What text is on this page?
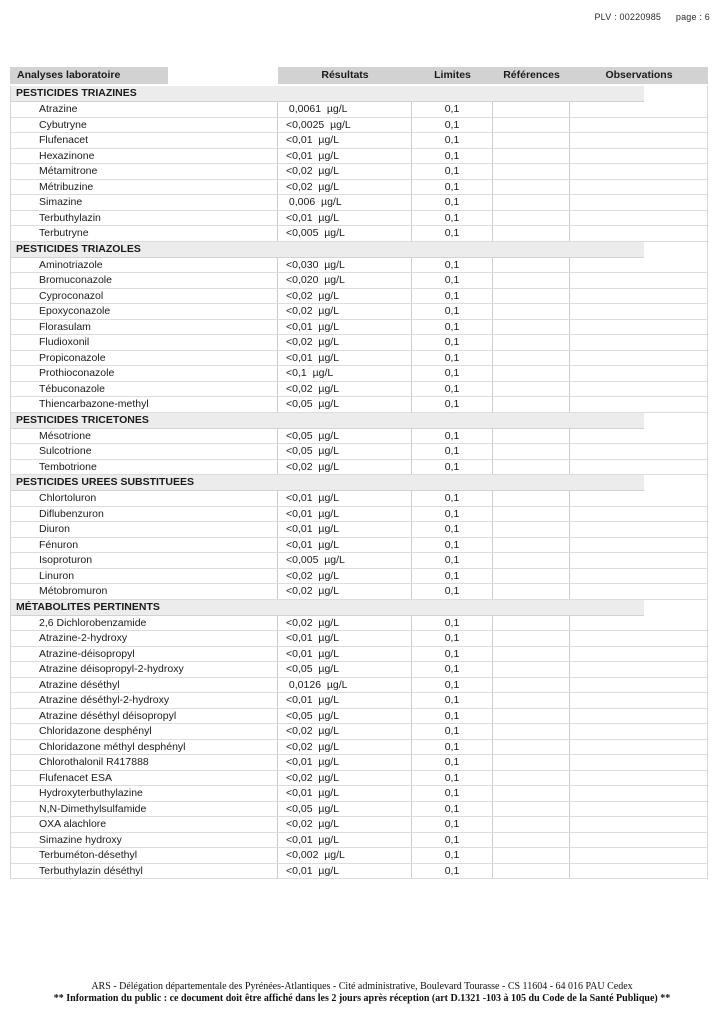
PLV : 00220985 page : 6
Analyses laboratoire	Résultats	Limites	Références	Observations
PESTICIDES TRIAZINES
Atrazine	0,0061  µg/L	0,1
Cybutryne	<0,0025  µg/L	0,1
Flufenacet	<0,01  µg/L	0,1
Hexazinone	<0,01  µg/L	0,1
Métamitrone	<0,02  µg/L	0,1
Métribuzine	<0,02  µg/L	0,1
Simazine	0,006  µg/L	0,1
Terbuthylazin	<0,01  µg/L	0,1
Terbutryne	<0,005  µg/L	0,1
PESTICIDES TRIAZOLES
Aminotriazole	<0,030  µg/L	0,1
Bromuconazole	<0,020  µg/L	0,1
Cyproconazol	<0,02  µg/L	0,1
Epoxyconazole	<0,02  µg/L	0,1
Florasulam	<0,01  µg/L	0,1
Fludioxonil	<0,02  µg/L	0,1
Propiconazole	<0,01  µg/L	0,1
Prothioconazole	<0,1  µg/L	0,1
Tébuconazole	<0,02  µg/L	0,1
Thiencarbazone-methyl	<0,05  µg/L	0,1
PESTICIDES TRICETONES
Mésotrione	<0,05  µg/L	0,1
Sulcotrione	<0,05  µg/L	0,1
Tembotrione	<0,02  µg/L	0,1
PESTICIDES UREES SUBSTITUEES
Chlortoluron	<0,01  µg/L	0,1
Diflubenzuron	<0,01  µg/L	0,1
Diuron	<0,01  µg/L	0,1
Fénuron	<0,01  µg/L	0,1
Isoproturon	<0,005  µg/L	0,1
Linuron	<0,02  µg/L	0,1
Métobromuron	<0,02  µg/L	0,1
MÉTABOLITES PERTINENTS
2,6 Dichlorobenzamide	<0,02  µg/L	0,1
Atrazine-2-hydroxy	<0,01  µg/L	0,1
Atrazine-déisopropyl	<0,01  µg/L	0,1
Atrazine déisopropyl-2-hydroxy	<0,05  µg/L	0,1
Atrazine déséthyl	0,0126  µg/L	0,1
Atrazine déséthyl-2-hydroxy	<0,01  µg/L	0,1
Atrazine déséthyl déisopropyl	<0,05  µg/L	0,1
Chloridazone desphényl	<0,02  µg/L	0,1
Chloridazone méthyl desphényl	<0,02  µg/L	0,1
Chlorothalonil R417888	<0,01  µg/L	0,1
Flufenacet ESA	<0,02  µg/L	0,1
Hydroxyterbuthylazine	<0,01  µg/L	0,1
N,N-Dimethylsulfamide	<0,05  µg/L	0,1
OXA alachlore	<0,02  µg/L	0,1
Simazine hydroxy	<0,01  µg/L	0,1
Terbuméton-désethyl	<0,002  µg/L	0,1
Terbuthylazin déséthyl	<0,01  µg/L	0,1
ARS - Délégation départementale des Pyrénées-Atlantiques - Cité administrative, Boulevard Tourasse - CS 11604 - 64 016 PAU Cedex
** Information du public : ce document doit être affiché dans les 2 jours après réception (art D.1321 -103 à 105 du Code de la Santé Publique) **
